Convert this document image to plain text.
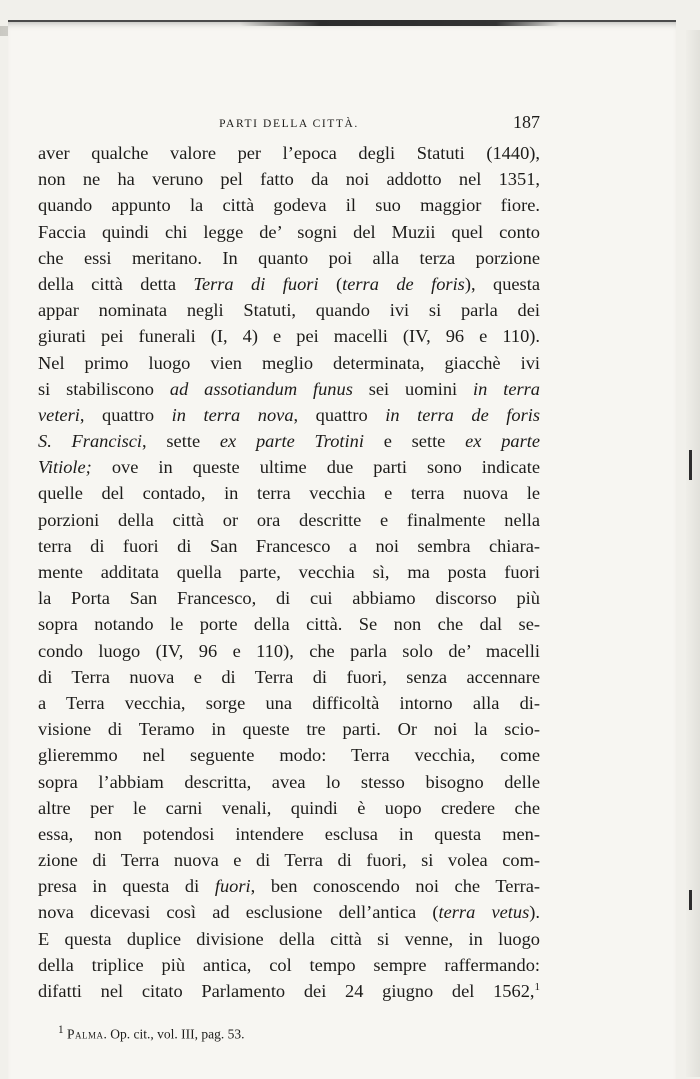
PARTI DELLA CITTÀ.	187
aver qualche valore per l’epoca degli Statuti (1440),
non ne ha veruno pel fatto da noi addotto nel 1351,
quando appunto la città godeva il suo maggior fiore.
Faccia quindi chi legge de’ sogni del Muzii quel conto
che essi meritano. In quanto poi alla terza porzione
della città detta Terra di fuori (terra de foris), questa
appar nominata negli Statuti, quando ivi si parla dei
giurati pei funerali (I, 4) e pei macelli (IV, 96 e 110).
Nel primo luogo vien meglio determinata, giacchè ivi
si stabiliscono ad assotiandum funus sei uomini in terra
veteri, quattro in terra nova, quattro in terra de foris
S. Francisci, sette ex parte Trotini e sette ex parte
Vitiole; ove in queste ultime due parti sono indicate
quelle del contado, in terra vecchia e terra nuova le
porzioni della città or ora descritte e finalmente nella
terra di fuori di San Francesco a noi sembra chiara-
mente additata quella parte, vecchia sì, ma posta fuori
la Porta San Francesco, di cui abbiamo discorso più
sopra notando le porte della città. Se non che dal se-
condo luogo (IV, 96 e 110), che parla solo de’ macelli
di Terra nuova e di Terra di fuori, senza accennare
a Terra vecchia, sorge una difficoltà intorno alla di-
visione di Teramo in queste tre parti. Or noi la scio-
glieremmo nel seguente modo: Terra vecchia, come
sopra l’abbiam descritta, avea lo stesso bisogno delle
altre per le carni venali, quindi è uopo credere che
essa, non potendosi intendere esclusa in questa men-
zione di Terra nuova e di Terra di fuori, si volea com-
presa in questa di fuori, ben conoscendo noi che Terra-
nova dicevasi così ad esclusione dell’antica (terra vetus).
E questa duplice divisione della città si venne, in luogo
della triplice più antica, col tempo sempre raffermando:
difatti nel citato Parlamento dei 24 giugno del 1562,$^1$
$^1$ Palma. Op. cit., vol. III, pag. 53.
